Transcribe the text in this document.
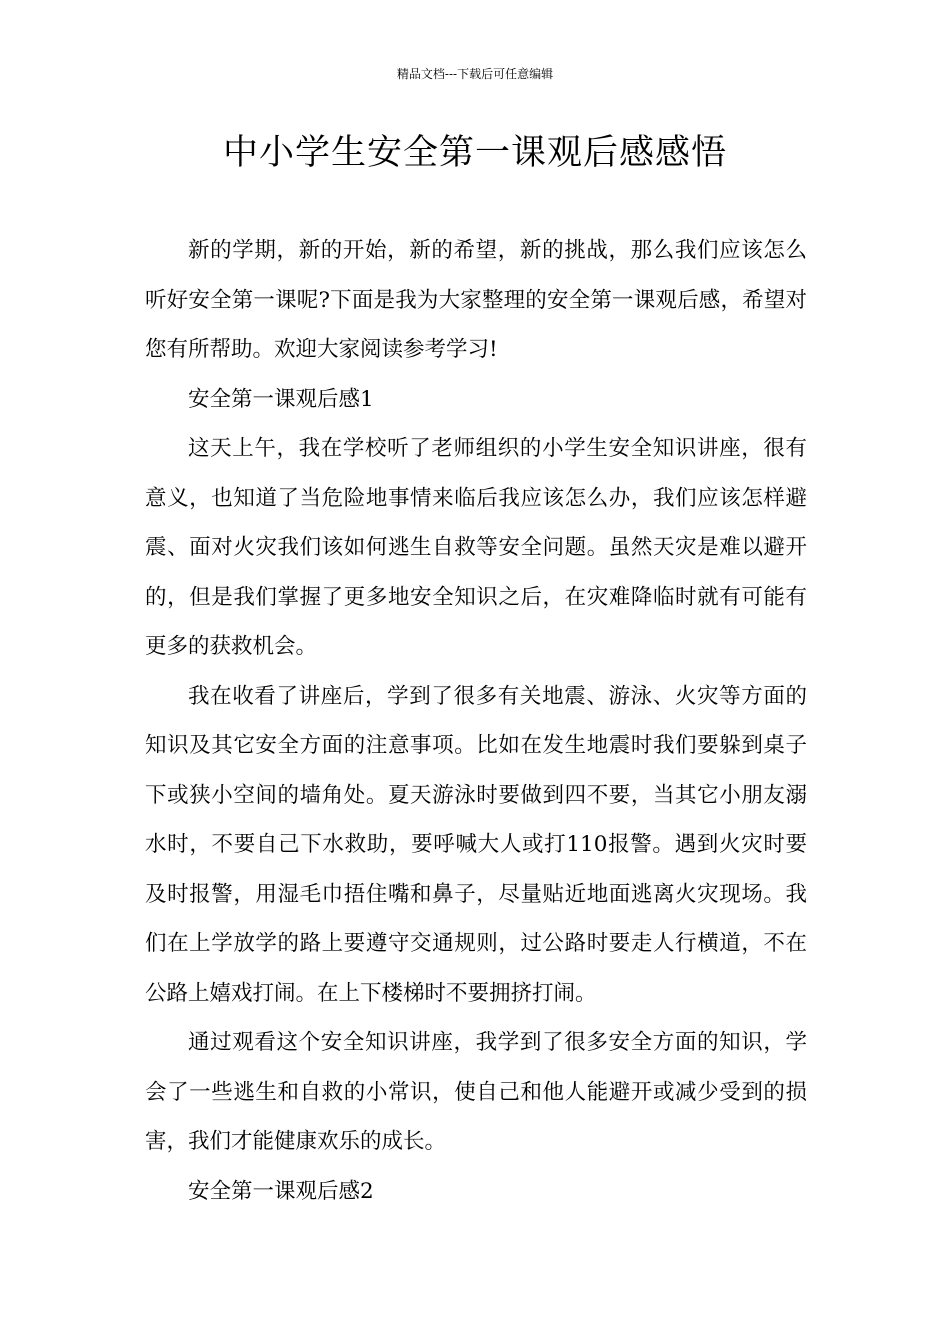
精品文档---下载后可任意编辑
中小学生安全第一课观后感感悟

新的学期，新的开始，新的希望，新的挑战，那么我们应该怎么听好安全第一课呢?下面是我为大家整理的安全第一课观后感，希望对您有所帮助。欢迎大家阅读参考学习!

安全第一课观后感1

这天上午，我在学校听了老师组织的小学生安全知识讲座，很有意义，也知道了当危险地事情来临后我应该怎么办，我们应该怎样避震、面对火灾我们该如何逃生自救等安全问题。虽然天灾是难以避开的，但是我们掌握了更多地安全知识之后，在灾难降临时就有可能有更多的获救机会。

我在收看了讲座后，学到了很多有关地震、游泳、火灾等方面的知识及其它安全方面的注意事项。比如在发生地震时我们要躲到桌子下或狭小空间的墙角处。夏天游泳时要做到四不要，当其它小朋友溺水时，不要自己下水救助，要呼喊大人或打110报警。遇到火灾时要及时报警，用湿毛巾捂住嘴和鼻子，尽量贴近地面逃离火灾现场。我们在上学放学的路上要遵守交通规则，过公路时要走人行横道，不在公路上嬉戏打闹。在上下楼梯时不要拥挤打闹。

通过观看这个安全知识讲座，我学到了很多安全方面的知识，学会了一些逃生和自救的小常识，使自己和他人能避开或减少受到的损害，我们才能健康欢乐的成长。

安全第一课观后感2
